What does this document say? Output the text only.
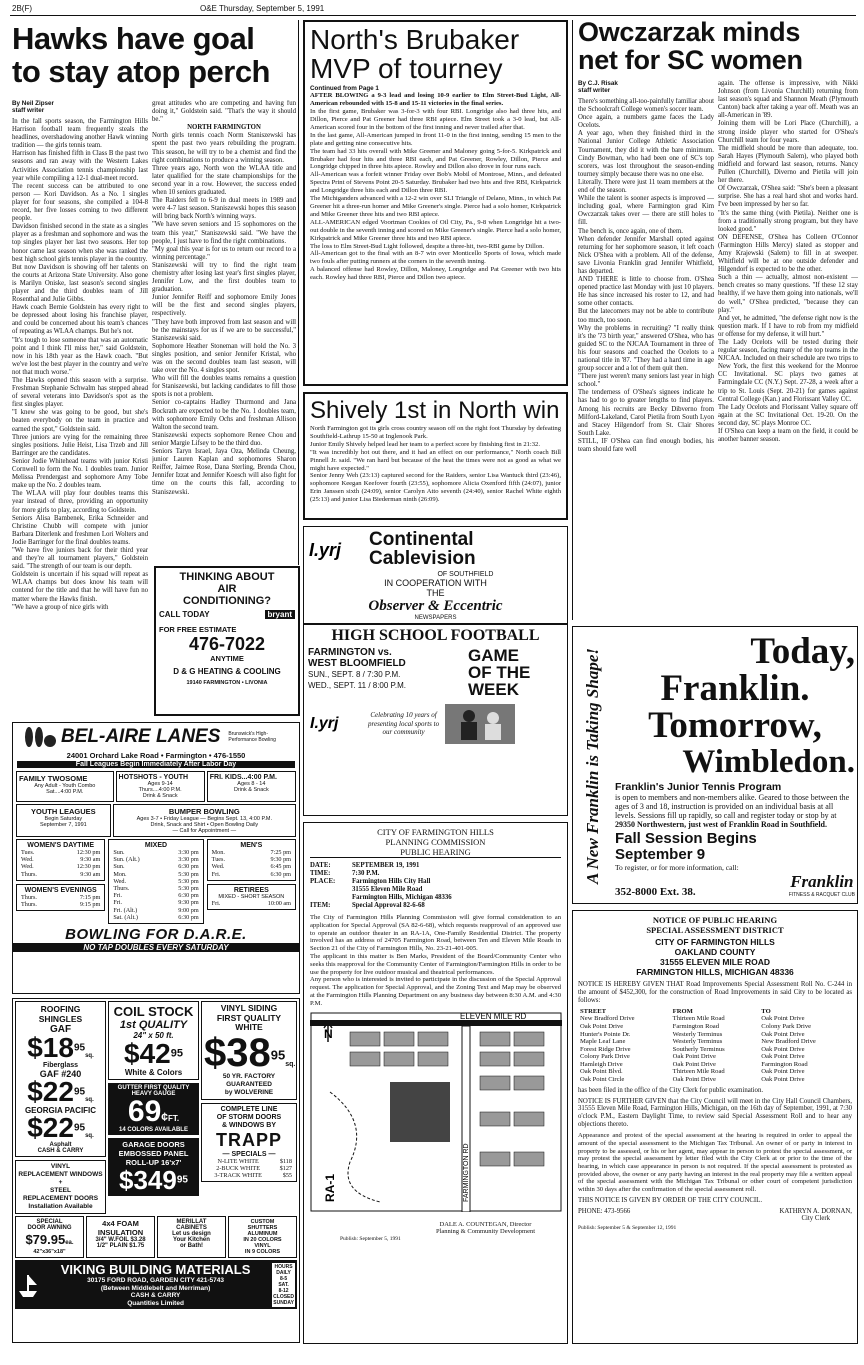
2B(F)	O&E Thursday, September 5, 1991
Hawks have goal
to stay atop perch
By Neil Zipser
staff writer
In the fall sports season, the Farmington Hills Harrison football team frequently steals the headlines, overshadowing another Hawk winning tradition — the girls tennis team.
Harrison has finished fifth in Class B the past two seasons and ran away with the Western Lakes Activities Association tennis championship last year while compiling a 12-1 dual-meet record.
The recent success can be attributed to one person — Kori Davidson. As a No. 1 singles player for four seasons, she compiled a 104-8 record, her five losses coming to two different people.
Davidson finished second in the state as a singles player as a freshman and sophomore and was the top singles player her last two seasons. Her top honor came last season when she was ranked the best high school girls tennis player in the country.
But now Davidson is showing off her talents on the courts at Arizona State University. Also gone is Marilyn Oniske, last season's second singles player and the third doubles team of Jill Rosenthal and Julie Gibbs.
Hawk coach Bernie Goldstein has every right to be depressed about losing his franchise player, and could be concerned about his team's chances of repeating as WLAA champs. But he's not.
"It's tough to lose someone that was an automatic point and I think I'll miss her," said Goldstein, now in his 18th year as the Hawk coach. "But we've lost the best player in the country and we're not that much worse."
The Hawks opened this season with a surprise. Freshman Stephanie Schwalm has stepped ahead of several veterans into Davidson's spot as the first singles player.
"I knew she was going to be good, but she's beaten everybody on the team in practice and earned the spot," Goldstein said.
Three juniors are vying for the remaining three singles positions. Julie Heist, Lisa Trzeb and Jill Barringer are the candidates.
Senior Jodie Whitehead teams with junior Kristi Cornwell to form the No. 1 doubles team. Junior Melissa Prendergast and sophomore Amy Tobe make up the No. 2 doubles team.
The WLAA will play four doubles teams this year instead of three, providing an opportunity for more girls to play, according to Goldstein.
Seniors Alisa Bambenek, Erika Schneider and Christine Chubb will compete with junior Barbara Diterlenk and freshmen Lori Wolters and Jodie Barringer for the final doubles teams.
"We have five juniors back for their third year and they're all tournament players," Goldstein said. "The strength of our team is our depth.
Goldstein is uncertain if his squad will repeat as WLAA champs but does know his team will contend for the title and that he will have fun no matter where the Hawks finish.
"We have a group of nice girls with
great attitudes who are competing and having fun doing it," Goldstein said. "That's the way it should be."
NORTH FARMINGTON
North girls tennis coach Norm Staniszewski has spent the past two years rebuilding the program. This season, he will try to be a chemist and find the right combinations to produce a winning season.
Three years ago, North won the WLAA title and later qualified for the state championships for the second year in a row. However, the success ended when 10 seniors graduated.
The Raiders fell to 6-9 in dual meets in 1989 and were 4-7 last season. Staniszewski hopes this season will bring back North's winning ways.
"We have seven seniors and 15 sophomores on the team this year," Staniszewski said. "We have the people, I just have to find the right combinations.
"My goal this year is for us to return our record to a winning percentage."
Staniszewski will try to find the right team chemistry after losing last year's first singles player, Jennifer Low, and the first doubles team to graduation.
Junior Jennifer Reiff and sophomore Emily Jones will be the first and second singles players, respectively.
"They have both improved from last season and will be the mainstays for us if we are to be successful," Staniszewski said.
Sophomore Heather Stoneman will hold the No. 3 singles position, and senior Jennifer Kristal, who was on the second doubles team last season, will take over the No. 4 singles spot.
Who will fill the doubles teams remains a question for Staniszewski, but lacking candidates to fill those spots is not a problem.
Senior co-captains Hadley Thurmond and Jana Bockrath are expected to be the No. 1 doubles team, with sophomore Emily Ochs and freshman Allison Walton the second team.
Staniszewski expects sophomore Renee Chou and senior Margie Lifsey to be the third duo.
Seniors Taryn Israel, Jaya Oza, Melinda Cheung, junior Lauren Kaplan and sophomores Sharon Reiffer, Jaimee Rose, Dana Sterling, Brenda Chou, Jennifer Izzat and Jennifer Koesch will also fight for time on the courts this fall, according to Staniszewski.
North's Brubaker
MVP of tourney
Continued from Page 1
AFTER BLOWING a 9-3 lead and losing 10-9 earlier to Elm Street-Bud Light, All-American rebounded with 15-8 and 15-11 victories in the final series.
In the first game, Brubaker was 3-for-3 with four RBI. Longridge also had three hits, and Dillon, Pierce and Pat Greener had three RBI apiece. Elm Street took a 3-0 lead, but All-American scored four in the bottom of the first inning and never trailed after that.
In the last game, All-American jumped in front 11-0 in the first inning, sending 15 men to the plate and getting nine consecutive hits.
The team had 33 hits overall with Mike Greener and Maloney going 5-for-5. Kirkpatrick and Brubaker had four hits and three RBI each, and Pat Greener, Rowley, Dillon, Pierce and Longridge chipped in three hits apiece. Rowley and Dillon also drove in four runs each.
All-American was a forfeit winner Friday over Bob's Mobil of Montrose, Minn., and defeated Spectra Print of Stevens Point 20-5 Saturday. Brubaker had two hits and five RBI, Kirkpatrick and Longridge three hits each and Dillon three RBI.
The Michiganders advanced with a 12-2 win over SLI Triangle of Delano, Minn., in which Pat Greener hit a three-run homer and Mike Greener's single. Pierce had a solo homer, Kirkpatrick and Mike Greener three hits and two RBI apiece.
ALL-AMERICAN edged Voortman Cookies of Oil City, Pa., 9-8 when Longridge hit a two-out double in the seventh inning and scored on Mike Greener's single. Pierce had a solo homer, Kirkpatrick and Mike Greener three hits and two RBI apiece.
The loss to Elm Street-Bud Light followed, despite a three-hit, two-RBI game by Dillon.
All-American got to the final with an 8-7 win over Monticello Sports of Iowa, which made two fouls after putting runners at the corners in the seventh inning.
A balanced offense had Rowley, Dillon, Maloney, Longridge and Pat Greener with two hits each. Rowley had three RBI, Pierce and Dillon two apiece.
Shively 1st in North win
North Farmington got its girls cross country season off on the right foot Thursday by defeating Southfield-Lathrup 15-50 at Inglenook Park.
Junior Emily Shively helped lead her team to a perfect score by finishing first in 21:32.
"It was incredibly hot out there, and it had an effect on our performance," North coach Bill Pinnell Jr. said. "We ran hard but because of the heat the times were not as good as what we might have expected."
Senior Jenny Weh (23:13) captured second for the Raiders, senior Lisa Wantuck third (23:46), sophomore Keegan Keefover fourth (23:55), sophomore Alicia Oxenford fifth (24:07), junior Erin Janssen sixth (24:09), senior Carolyn Atto seventh (24:40), senior Rachel White eighth (25:13) and junior Lisa Biederman ninth (26:09).
Owczarzak minds
net for SC women
By C.J. Risak
staff writer
There's something all-too-painfully familiar about the Schoolcraft College women's soccer team.
Once again, a numbers game faces the Lady Ocelots.
A year ago, when they finished third in the National Junior College Athletic Association Tournament, they did it with the bare minimum. Cindy Bowman, who had been one of SC's top scorers, was lost throughout the season-ending tourney simply because there was no one else.
Literally. There were just 11 team members at the end of the season.
While the talent is sooner aspects is improved — including goal, where Farmington grad Kim Owczarzak takes over — there are still holes to fill.
The bench is, once again, one of them.
When defender Jennifer Marshall opted against returning for her sophomore season, it left coach Nick O'Shea with a problem. All of the defense, save Livonia Franklin grad Jennifer Whitfield, has departed.
AND THERE is little to choose from. O'Shea opened practice last Monday with just 10 players. He has since increased his roster to 12, and had some other contacts.
But the latecomers may not be able to contribute too much, too soon.
Why the problems in recruiting? "I really think it's the '73 birth year," answered O'Shea, who has guided SC to the NJCAA Tournament in three of his four seasons and coached the Ocelots to a national title in '87. "They had a hard time in age group soccer and a lot of them quit then.
"There just weren't many seniors last year in high school."
The tenderness of O'Shea's signees indicate he has had to go to greater lengths to find players. Among his recruits are Becky Dibverno from Milford-Lakeland, Carol Pietila from South Lyon and Stacey Hilgendorf from St. Clair Shores South Lake.
STILL, IF O'Shea can find enough bodies, his team should fare well
again. The offense is impressive, with Nikki Johnson (from Livonia Churchill) returning from last season's squad and Shannon Meath (Plymouth Canton) back after taking a year off. Meath was an all-American in '89.
Joining them will be Lori Place (Churchill), a strong inside player who started for O'Shea's Churchill team for four years.
The midfield should be more than adequate, too. Sarah Hayes (Plymouth Salem), who played both midfield and forward last season, returns. Nancy Pullen (Churchill), Diverno and Pietila will join her there.
Of Owczarzak, O'Shea said: "She's been a pleasant surprise. She has a real hard shot and works hard. I've been impressed by her so far.
"It's the same thing (with Pietila). Neither one is from a traditionally strong program, but they have looked good."
ON DEFENSE, O'Shea has Colleen O'Connor (Farmington Hills Mercy) slated as stopper and Amy Krajewski (Salem) to fill in at sweeper. Whitfield will be at one outside defender and Hilgendorf is expected to be the other.
Such a thin — actually, almost non-existent — bench creates so many questions. "If these 12 stay healthy, if we have them going into nationals, we'll do well," O'Shea predicted, "because they can play."
And yet, he admitted, "the defense right now is the question mark. If I have to rob from my midfield or offense for my defense, it will hurt."
The Lady Ocelots will be tested during their regular season, facing many of the top teams in the NJCAA. Included on their schedule are two trips to New York, the first this weekend for the Monroe CC Invitational. SC plays two games at Farmingdale CC (N.Y.) Sept. 27-28, a week after a trip to St. Louis (Sept. 20-21) for games against Central College (Kan.) and Florissant Valley CC.
The Lady Ocelots and Florissant Valley square off again at the SC Invitational Oct. 19-20. On the second day, SC plays Monroe CC.
If O'Shea can keep a team on the field, it could be another banner season.
THINKING ABOUT
AIR
CONDITIONING?
CALL TODAY	bryant
FOR FREE ESTIMATE
476-7022
ANYTIME
D & G HEATING & COOLING
19140 FARMINGTON • LIVONIA
I.yrj Continental
Cablevision
OF SOUTHFIELD
IN COOPERATION WITH
THE
Observer & Eccentric
NEWSPAPERS
HIGH SCHOOL FOOTBALL
FARMINGTON vs.
WEST BLOOMFIELD
SUN., SEPT. 8 / 7:30 P.M.
WED., SEPT. 11 / 8:00 P.M.
GAME
OF THE
WEEK
I.yrj	Celebrating 10 years of
presenting local sports to
our community
BEL-AIRE LANES Brunswick's High-Performance Bowling
24001 Orchard Lake Road • Farmington • 476-1550
Fall Leagues Begin Immediately After Labor Day
FAMILY TWOSOME
Any Adult - Youth Combo
Sat....4:00 P.M.
HOTSHOTS - YOUTH
Ages 9-14
Thurs....4:00 P.M.
Drink & Snack
FRI. KIDS...4:00 P.M.
Ages 8 - 14
Drink & Snack
YOUTH LEAGUES
Begin Saturday
September 7, 1991
BUMPER BOWLING
Ages 3-7 • Friday League — Begins Sept. 13, 4:00 P.M.
Drink, Snack and Shirt • Open Bowling Daily
— Call for Appointment —
WOMEN'S DAYTIME
Tues.	12:30 pm
Wed.	9:30 am
Wed.	12:30 pm
Thurs.	9:30 am
WOMEN'S EVENINGS
Thurs.	7:15 pm
Thurs.	9:15 pm
MIXED
Sun.	3:30 pm
Sun. (Alt.)	3:30 pm
Sun.	6:30 pm
Mon.	5:30 pm
Wed.	5:30 pm
Thurs.	5:30 pm
Fri.	6:30 pm
Fri.	9:30 pm
Fri. (Alt.)	9:00 pm
Sat. (Alt.)	6:30 pm
MEN'S
Mon.	7:25 pm
Tues.	9:30 pm
Wed.	6:45 pm
Fri.	6:30 pm
RETIREES
MIXED - SHORT SEASON
Fri.	10:00 am
BOWLING FOR D.A.R.E.
NO TAP DOUBLES EVERY SATURDAY
ROOFING SHINGLES
GAF
$\$18^{95}sq$.
Fiberglass
GAF #240
$\$22^{95}sq$.
GEORGIA PACIFIC
$\$22^{95}sq$.
Asphalt
CASH & CARRY
VINYL
REPLACEMENT WINDOWS
+
STEEL
REPLACEMENT DOORS
Installation Available
COIL STOCK
1st QUALITY
24" x 50 ft.
$\$42^{95}$
White & Colors
GUTTER FIRST QUALITY
HEAVY GAUGE
69¢FT.
14 COLORS AVAILABLE
GARAGE DOORS
EMBOSSED PANEL
ROLL-UP 16'x7'
$\$349^{95}$
VINYL SIDING
FIRST QUALITY
WHITE
$\$38^{95}sq$.
50 YR. FACTORY
GUARANTEED
by WOLVERINE
COMPLETE LINE
OF STORM DOORS
& WINDOWS BY
TRAPP
— SPECIALS —
N-LITE WHITE	$118
2-BUCK WHITE	$127
3-TRACK WHITE	$55
SPECIAL
DOOR AWNING
$79.95ea.
42"x36"x18"
4x4 FOAM
INSULATION
3/4" W.FOIL $3.28
1/2" PLAIN $1.75
MERILLAT
CABINETS
Let us design
Your Kitchen
or Bath!
CUSTOM
SHUTTERS
ALUMINUM
IN 20 COLORS
VINYL
IN 9 COLORS
VIKING BUILDING MATERIALS
30175 FORD ROAD, GARDEN CITY 421-5743
(Between Middlebelt and Merriman)
CASH & CARRY
Quantities Limited
HOURS
DAILY
8-5
SAT.
8-12
CLOSED
SUNDAY
CITY OF FARMINGTON HILLS
PLANNING COMMISSION
PUBLIC HEARING
DATE:	SEPTEMBER 19, 1991
TIME:	7:30 P.M.
PLACE:	Farmington Hills City Hall
31555 Eleven Mile Road
Farmington Hills, Michigan 48336
ITEM:	Special Approval 82-6-68
The City of Farmington Hills Planning Commission will give formal consideration to an application for Special Approval (SA 82-6-68), which requests reapproval of an approved use to operate an outdoor theater in an RA-1A, One-Family Residential District. The property involved has an address of 24705 Farmington Road, between Ten and Eleven Mile Roads in Section 21 of the City of Farmington Hills, No. 23-21-401-005.
The applicant in this matter is Ben Marks, President of the Board/Community Center who seeks this reapproval for the Community Center of Farmington/Farmington Hills in order to be use the property for live outdoor musical and theatrical performances.
Any person who is interested is invited to participate in the discussion of the Special Approval request. The application for Special Approval, and the Zoning Text and Map may be observed at the Farmington Hills Planning Department on any business day between 8:30 A.M. and 4:30 P.M.
N
ELEVEN MILE RD
FARMINGTON RD
RA-1
DALE A. COUNTEGAN, Director
Planning & Community Development
Publish: September 5, 1991
A New Franklin is Taking Shape!	Today,
Franklin.
Tomorrow,
Wimbledon.
Franklin's Junior Tennis Program
is open to members and non-members alike. Geared to those between the ages of 3 and 18, instruction is provided on an individual basis at all levels. Sessions fill up rapidly, so call and register today or stop by at
29350 Northwestern, just west of Franklin Road in Southfield.
Fall Session Begins
September 9
To register, or for more information, call:
352-8000 Ext. 38.
Franklin
FITNESS & RACQUET CLUB
NOTICE OF PUBLIC HEARING
SPECIAL ASSESSMENT DISTRICT
CITY OF FARMINGTON HILLS
OAKLAND COUNTY
31555 ELEVEN MILE ROAD
FARMINGTON HILLS, MICHIGAN 48336
NOTICE IS HEREBY GIVEN THAT Road Improvements Special Assessment Roll No. C-244 in the amount of $452,300, for the construction of Road Improvements in said City to be located as follows:
STREET	FROM	TO
New Bradford Drive	Thirteen Mile Road	Oak Point Drive
Oak Point Drive	Farmington Road	Colony Park Drive
Hunter's Pointe Dr.	Westerly Terminus	Oak Point Drive
Maple Leaf Lane	Westerly Terminus	New Bradford Drive
Forest Ridge Drive	Southerly Terminus	Oak Point Drive
Colony Park Drive	Oak Point Drive	Oak Point Drive
Hamleigh Drive	Oak Point Drive	Farmington Road
Oak Point Blvd.	Thirteen Mile Road	Oak Point Drive
Oak Point Circle	Oak Point Drive	Oak Point Drive
has been filed in the office of the City Clerk for public examination.
NOTICE IS FURTHER GIVEN that the City Council will meet in the City Hall Council Chambers, 31555 Eleven Mile Road, Farmington Hills, Michigan, on the 16th day of September, 1991, at 7:30 o'clock P.M., Eastern Daylight Time, to review said Special Assessment Roll and to hear any objections thereto.
Appearance and protest of the special assessment at the hearing is required in order to appeal the amount of the special assessment to the Michigan Tax Tribunal. An owner of or party in interest in property to be assessed, or his or her agent, may appear in person to protest the special assessment, or may protest the special assessment by letter filed with the City Clerk at or prior to the time of the hearing, in which case appearance in person is not required. If the special assessment is protested as provided above, the owner or any party having an interest in the real property may file a written appeal of the special assessment with the Michigan Tax Tribunal or other court of competent jurisdiction within 30 days after the confirmation of the special assessment roll.
THIS NOTICE IS GIVEN BY ORDER OF THE CITY COUNCIL.
PHONE: 473-9566	KATHRYN A. DORNAN,
City Clerk
Publish: September 5 & September 12, 1991
